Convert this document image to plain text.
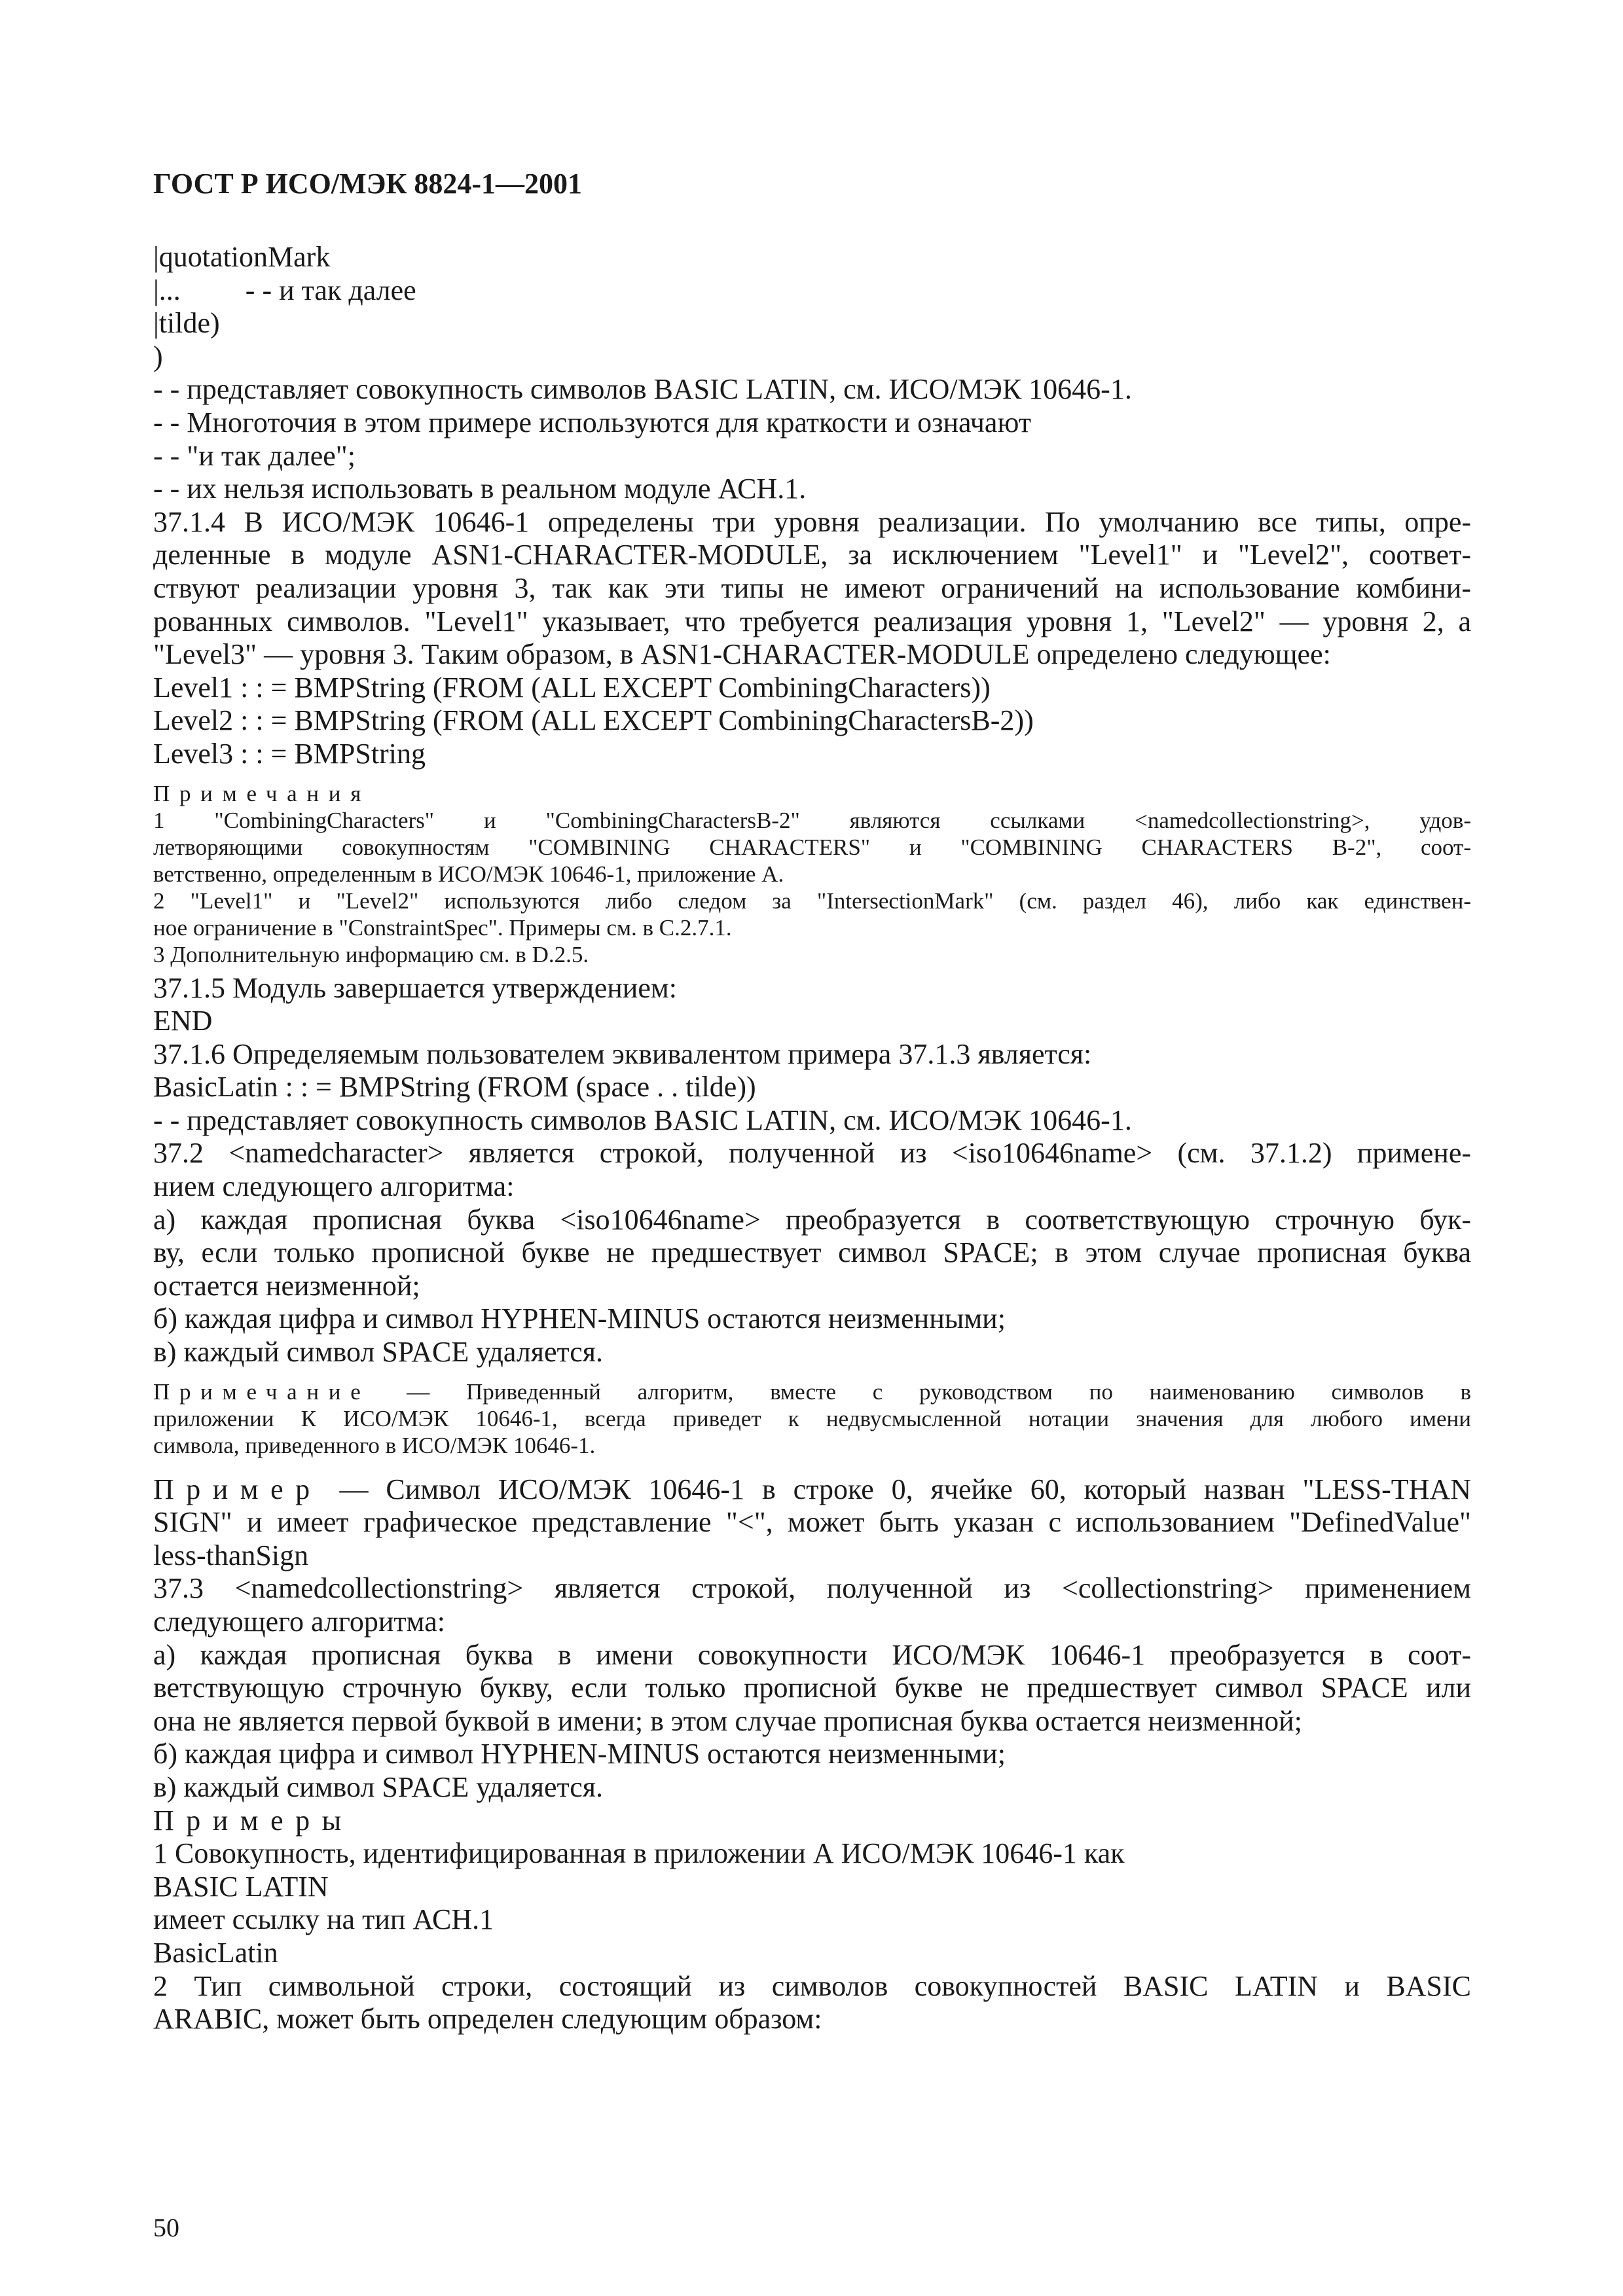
ГОСТ Р ИСО/МЭК 8824-1—2001

|quotationMark

|...         - - и так далее

|tilde)

)

- - представляет совокупность символов BASIC LATIN, см. ИСО/МЭК 10646-1.

- - Многоточия в этом примере используются для краткости и означают

- - "и так далее";

- - их нельзя использовать в реальном модуле АСН.1.

37.1.4 В ИСО/МЭК 10646-1 определены три уровня реализации. По умолчанию все типы, опре-

деленные в модуле ASN1-CHARACTER-MODULE, за исключением "Level1" и "Level2", соответ-

ствуют реализации уровня 3, так как эти типы не имеют ограничений на использование комбини-

рованных символов. "Level1" указывает, что требуется реализация уровня 1, "Level2" — уровня 2, а

"Level3" — уровня 3. Таким образом, в ASN1-CHARACTER-MODULE определено следующее:

Level1 : : = BMPString (FROM (ALL EXCEPT CombiningCharacters))

Level2 : : = BMPString (FROM (ALL EXCEPT CombiningCharactersB-2))

Level3 : : = BMPString

Примечания

1 "CombiningCharacters" и "CombiningCharactersB-2" являются ссылками <namedcollectionstring>, удов-

летворяющими совокупностям "COMBINING CHARACTERS" и "COMBINING CHARACTERS B-2", соот-

ветственно, определенным в ИСО/МЭК 10646-1, приложение А.

2 "Level1" и "Level2" используются либо следом за "IntersectionMark" (см. раздел 46), либо как единствен-

ное ограничение в "ConstraintSpec". Примеры см. в С.2.7.1.

3 Дополнительную информацию см. в D.2.5.

37.1.5 Модуль завершается утверждением:

END

37.1.6 Определяемым пользователем эквивалентом примера 37.1.3 является:

BasicLatin : : = BMPString (FROM (space . . tilde))

- - представляет совокупность символов BASIC LATIN, см. ИСО/МЭК 10646-1.

37.2 <namedcharacter> является строкой, полученной из <iso10646name> (см. 37.1.2) примене-

нием следующего алгоритма:

а) каждая прописная буква <iso10646name> преобразуется в соответствующую строчную бук-

ву, если только прописной букве не предшествует символ SPACE; в этом случае прописная буква

остается неизменной;

б) каждая цифра и символ HYPHEN-MINUS остаются неизменными;

в) каждый символ SPACE удаляется.

Примечание — Приведенный алгоритм, вместе с руководством по наименованию символов в

приложении К ИСО/МЭК 10646-1, всегда приведет к недвусмысленной нотации значения для любого имени

символа, приведенного в ИСО/МЭК 10646-1.

Пример — Символ ИСО/МЭК 10646-1 в строке 0, ячейке 60, который назван "LESS-THAN

SIGN" и имеет графическое представление "<", может быть указан с использованием "DefinedValue"

less-thanSign

37.3 <namedcollectionstring> является строкой, полученной из <collectionstring> применением

следующего алгоритма:

а) каждая прописная буква в имени совокупности ИСО/МЭК 10646-1 преобразуется в соот-

ветствующую строчную букву, если только прописной букве не предшествует символ SPACE или

она не является первой буквой в имени; в этом случае прописная буква остается неизменной;

б) каждая цифра и символ HYPHEN-MINUS остаются неизменными;

в) каждый символ SPACE удаляется.

Примеры

1 Совокупность, идентифицированная в приложении А ИСО/МЭК 10646-1 как

BASIC LATIN

имеет ссылку на тип АСН.1

BasicLatin

2 Тип символьной строки, состоящий из символов совокупностей BASIC LATIN и BASIC

ARABIC, может быть определен следующим образом:

50
